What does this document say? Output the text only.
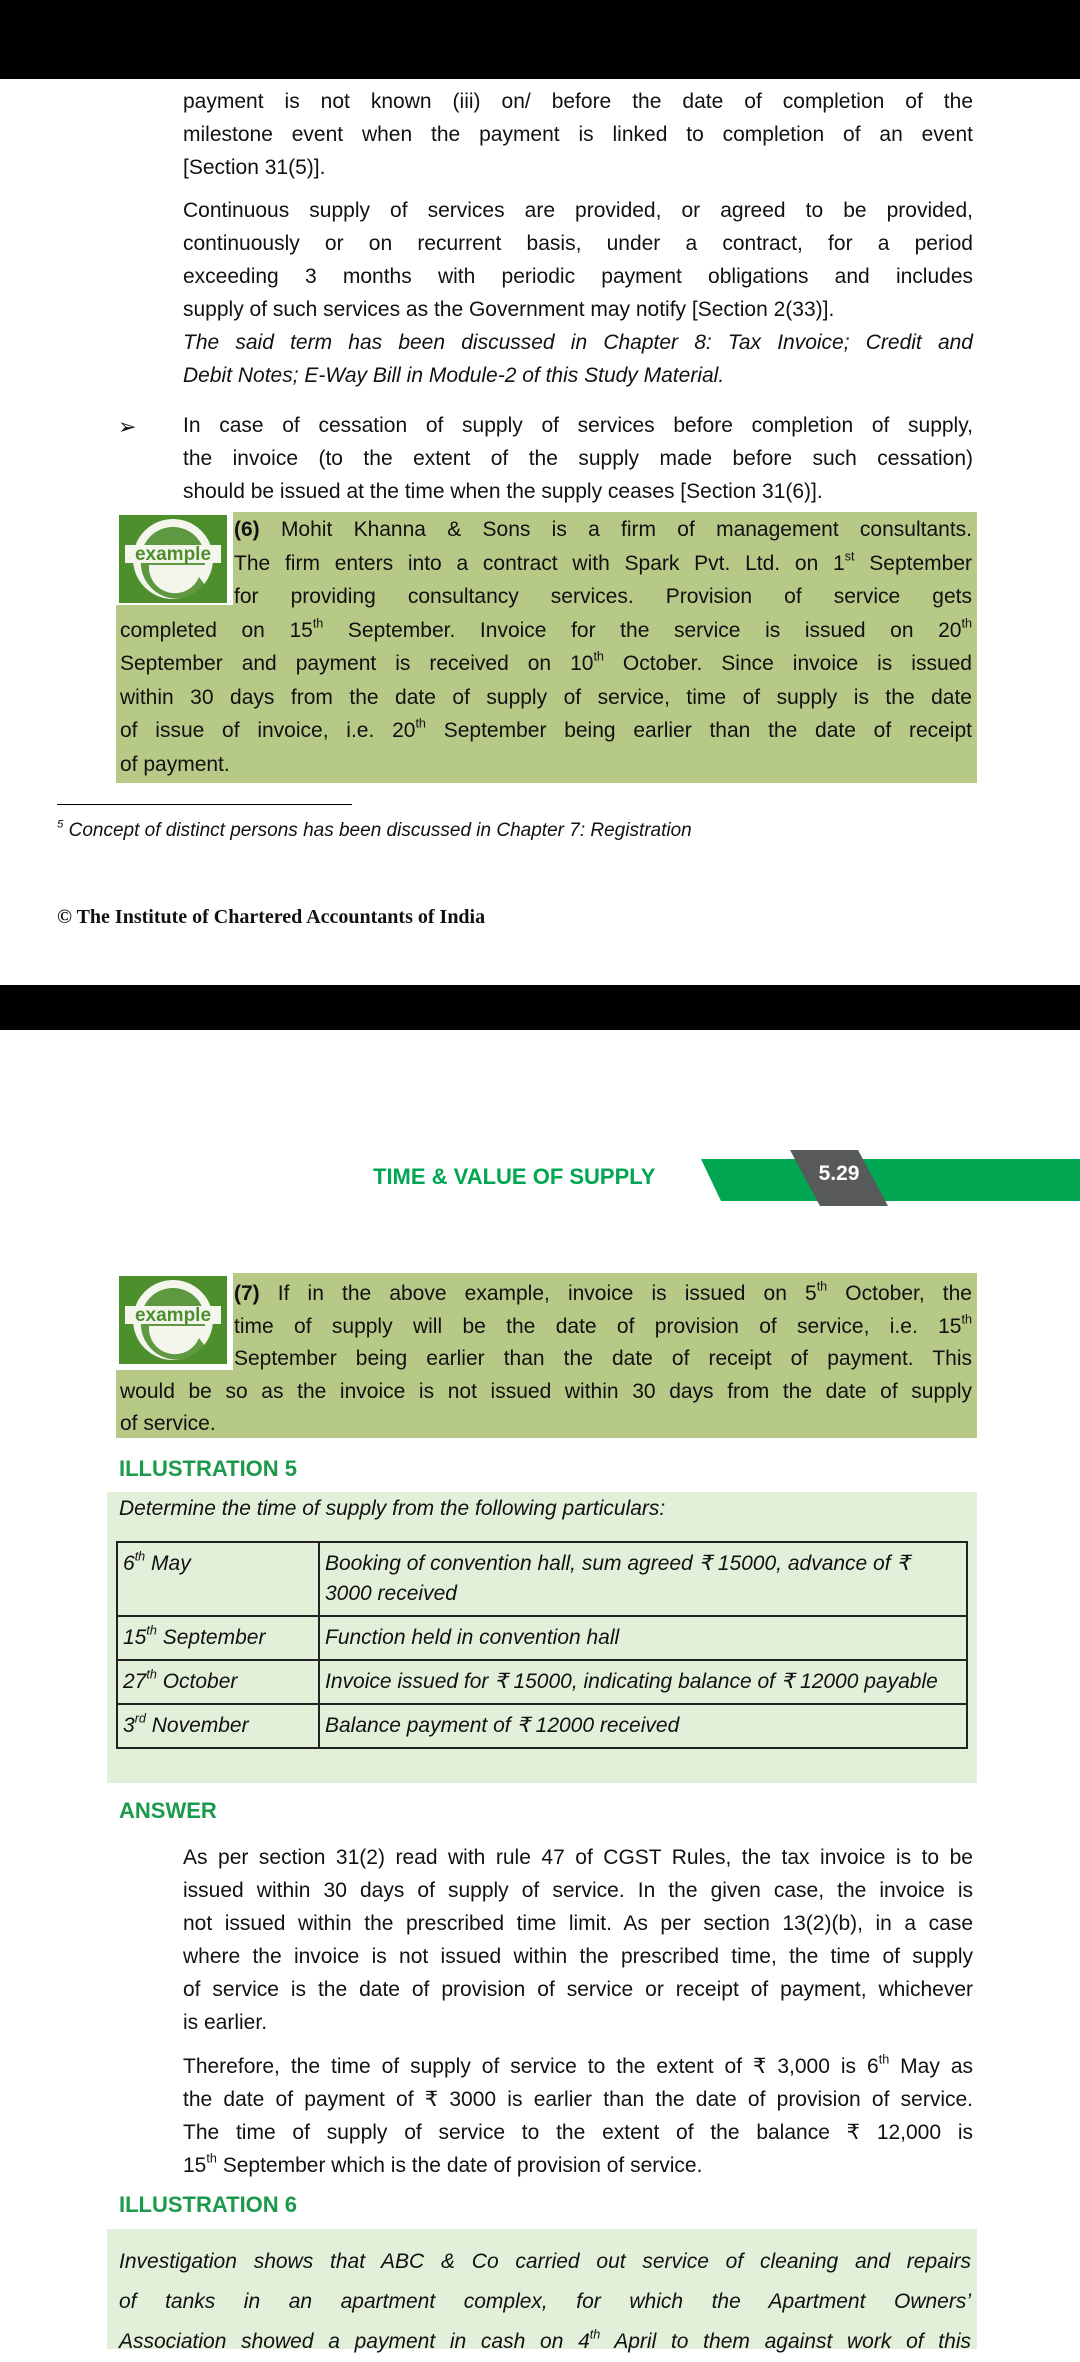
payment is not known (iii) on/ before the date of completion of the
milestone event when the payment is linked to completion of an event
[Section 31(5)].
Continuous supply of services are provided, or agreed to be provided,
continuously or on recurrent basis, under a contract, for a period
exceeding 3 months with periodic payment obligations and includes
supply of such services as the Government may notify [Section 2(33)].
The said term has been discussed in Chapter 8: Tax Invoice; Credit and
Debit Notes; E-Way Bill in Module-2 of this Study Material.
➢ In case of cessation of supply of services before completion of supply,
the invoice (to the extent of the supply made before such cessation)
should be issued at the time when the supply ceases [Section 31(6)].
example
(6) Mohit Khanna & Sons is a firm of management consultants.
The firm enters into a contract with Spark Pvt. Ltd. on 1st September
for providing consultancy services. Provision of service gets
completed on 15th September. Invoice for the service is issued on 20th
September and payment is received on 10th October. Since invoice is issued
within 30 days from the date of supply of service, time of supply is the date
of issue of invoice, i.e. 20th September being earlier than the date of receipt
of payment.
$^5$ Concept of distinct persons has been discussed in Chapter 7: Registration
© The Institute of Chartered Accountants of India
TIME & VALUE OF SUPPLY	5.29
example
(7) If in the above example, invoice is issued on 5th October, the
time of supply will be the date of provision of service, i.e. 15th
September being earlier than the date of receipt of payment. This
would be so as the invoice is not issued within 30 days from the date of supply
of service.
ILLUSTRATION 5
Determine the time of supply from the following particulars:
6th May	Booking of convention hall, sum agreed ₹ 15000, advance of ₹ 3000 received
15th September	Function held in convention hall
27th October	Invoice issued for ₹ 15000, indicating balance of ₹ 12000 payable
3rd November	Balance payment of ₹ 12000 received
ANSWER
As per section 31(2) read with rule 47 of CGST Rules, the tax invoice is to be
issued within 30 days of supply of service. In the given case, the invoice is
not issued within the prescribed time limit. As per section 13(2)(b), in a case
where the invoice is not issued within the prescribed time, the time of supply
of service is the date of provision of service or receipt of payment, whichever
is earlier.
Therefore, the time of supply of service to the extent of ₹ 3,000 is 6th May as
the date of payment of ₹ 3000 is earlier than the date of provision of service.
The time of supply of service to the extent of the balance ₹ 12,000 is
15th September which is the date of provision of service.
ILLUSTRATION 6
Investigation shows that ABC & Co carried out service of cleaning and repairs
of tanks in an apartment complex, for which the Apartment Owners’
Association showed a payment in cash on 4th April to them against work of this
